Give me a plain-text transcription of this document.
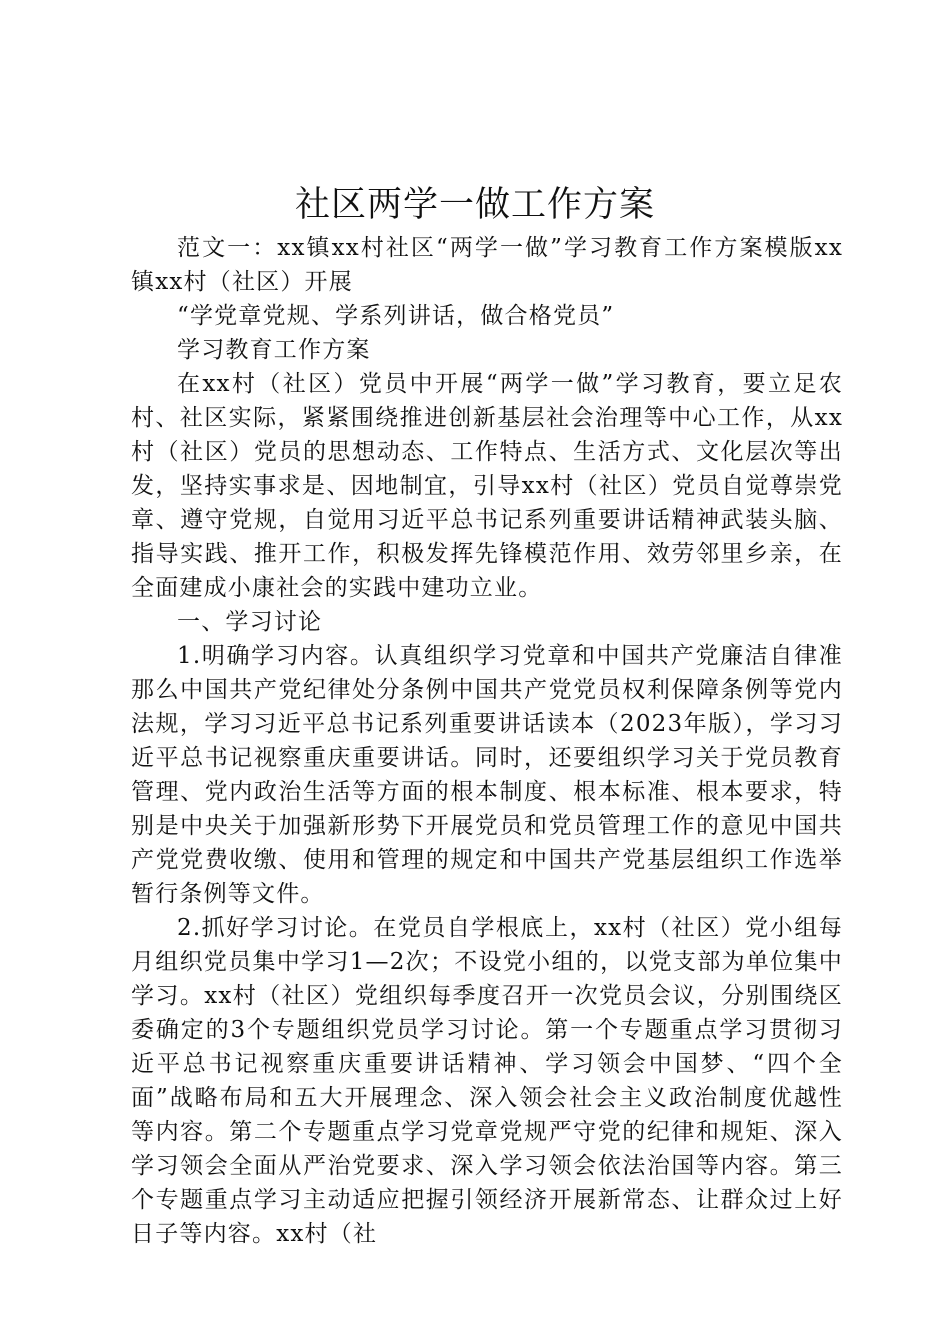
社区两学一做工作方案

范文一：xx镇xx村社区“两学一做”学习教育工作方案模版xx镇xx村（社区）开展

“学党章党规、学系列讲话，做合格党员”

学习教育工作方案

在xx村（社区）党员中开展“两学一做”学习教育，要立足农村、社区实际，紧紧围绕推进创新基层社会治理等中心工作，从xx村（社区）党员的思想动态、工作特点、生活方式、文化层次等出发，坚持实事求是、因地制宜，引导xx村（社区）党员自觉尊崇党章、遵守党规，自觉用习近平总书记系列重要讲话精神武装头脑、指导实践、推开工作，积极发挥先锋模范作用、效劳邻里乡亲，在全面建成小康社会的实践中建功立业。

一、学习讨论

1.明确学习内容。认真组织学习党章和中国共产党廉洁自律准那么中国共产党纪律处分条例中国共产党党员权利保障条例等党内法规，学习习近平总书记系列重要讲话读本（2023年版），学习习近平总书记视察重庆重要讲话。同时，还要组织学习关于党员教育管理、党内政治生活等方面的根本制度、根本标准、根本要求，特别是中央关于加强新形势下开展党员和党员管理工作的意见中国共产党党费收缴、使用和管理的规定和中国共产党基层组织工作选举暂行条例等文件。

2.抓好学习讨论。在党员自学根底上，xx村（社区）党小组每月组织党员集中学习1—2次；不设党小组的，以党支部为单位集中学习。xx村（社区）党组织每季度召开一次党员会议，分别围绕区委确定的3个专题组织党员学习讨论。第一个专题重点学习贯彻习近平总书记视察重庆重要讲话精神、学习领会中国梦、“四个全面”战略布局和五大开展理念、深入领会社会主义政治制度优越性等内容。第二个专题重点学习党章党规严守党的纪律和规矩、深入学习领会全面从严治党要求、深入学习领会依法治国等内容。第三个专题重点学习主动适应把握引领经济开展新常态、让群众过上好日子等内容。xx村（社
